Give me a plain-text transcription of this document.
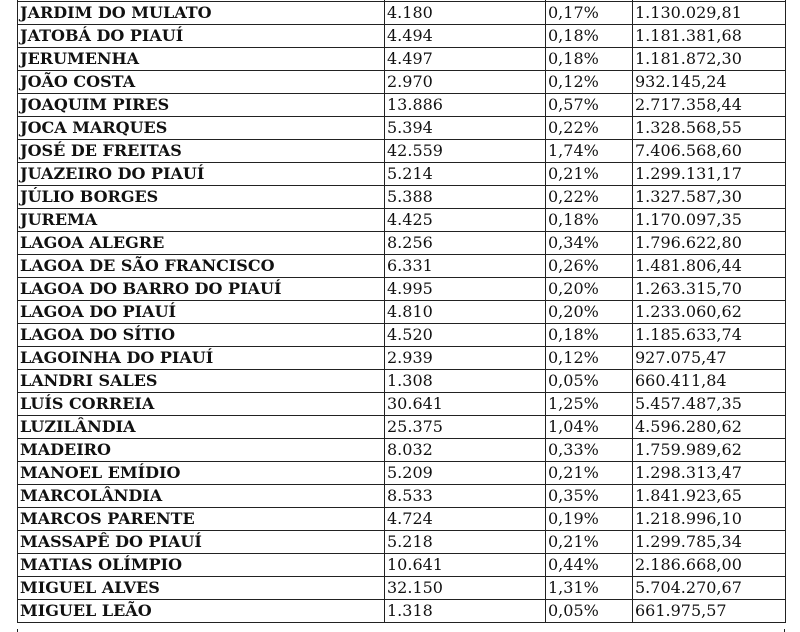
JARDIM DO MULATO	4.180	0,17%	1.130.029,81
JATOBÁ DO PIAUÍ	4.494	0,18%	1.181.381,68
JERUMENHA	4.497	0,18%	1.181.872,30
JOÃO COSTA	2.970	0,12%	932.145,24
JOAQUIM PIRES	13.886	0,57%	2.717.358,44
JOCA MARQUES	5.394	0,22%	1.328.568,55
JOSÉ DE FREITAS	42.559	1,74%	7.406.568,60
JUAZEIRO DO PIAUÍ	5.214	0,21%	1.299.131,17
JÚLIO BORGES	5.388	0,22%	1.327.587,30
JUREMA	4.425	0,18%	1.170.097,35
LAGOA ALEGRE	8.256	0,34%	1.796.622,80
LAGOA DE SÃO FRANCISCO	6.331	0,26%	1.481.806,44
LAGOA DO BARRO DO PIAUÍ	4.995	0,20%	1.263.315,70
LAGOA DO PIAUÍ	4.810	0,20%	1.233.060,62
LAGOA DO SÍTIO	4.520	0,18%	1.185.633,74
LAGOINHA DO PIAUÍ	2.939	0,12%	927.075,47
LANDRI SALES	1.308	0,05%	660.411,84
LUÍS CORREIA	30.641	1,25%	5.457.487,35
LUZILÂNDIA	25.375	1,04%	4.596.280,62
MADEIRO	8.032	0,33%	1.759.989,62
MANOEL EMÍDIO	5.209	0,21%	1.298.313,47
MARCOLÂNDIA	8.533	0,35%	1.841.923,65
MARCOS PARENTE	4.724	0,19%	1.218.996,10
MASSAPÊ DO PIAUÍ	5.218	0,21%	1.299.785,34
MATIAS OLÍMPIO	10.641	0,44%	2.186.668,00
MIGUEL ALVES	32.150	1,31%	5.704.270,67
MIGUEL LEÃO	1.318	0,05%	661.975,57
